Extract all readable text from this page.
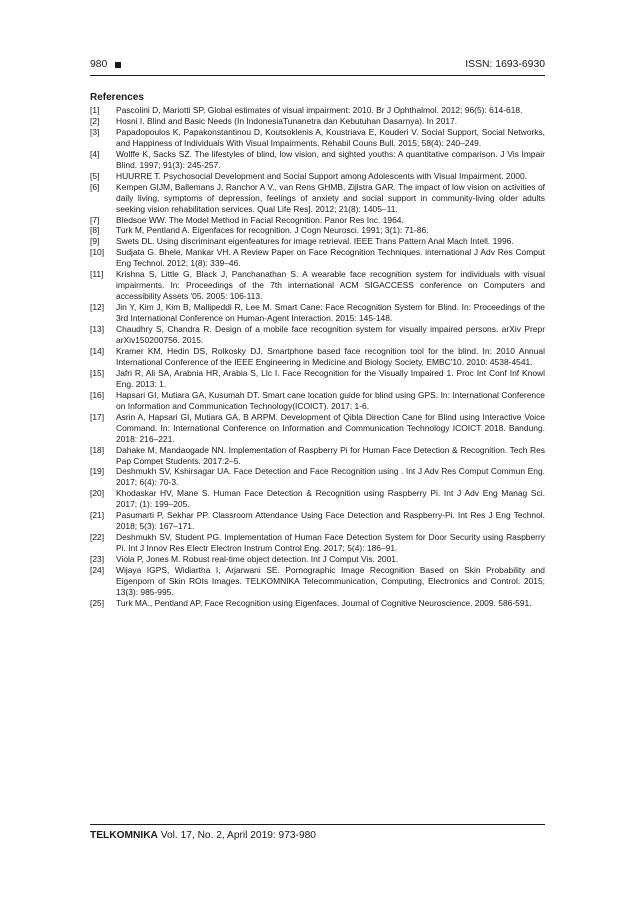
980	ISSN: 1693-6930
References
[1]	Pascolini D, Mariotti SP. Global estimates of visual impairment: 2010. Br J Ophthalmol. 2012; 96(5): 614-618.
[2]	Hosni I. Blind and Basic Needs (In IndonesiaTunanetra dan Kebutuhan Dasarnya). In 2017.
[3]	Papadopoulos K, Papakonstantinou D, Koutsoklenis A, Koustriava E, Kouderi V. Social Support, Social Networks, and Happiness of Individuals With Visual Impairments. Rehabil Couns Bull. 2015; 58(4): 240–249.
[4]	Wolffe K, Sacks SZ. The lifestyles of blind, low vision, and sighted youths: A quantitative comparison. J Vis Impair Blind. 1997; 91(3): 245-257.
[5]	HUURRE T. Psychosocial Development and Social Support among Adolescents with Visual Impairment. 2000.
[6]	Kempen GIJM, Ballemans J, Ranchor A V., van Rens GHMB, Zijlstra GAR. The impact of low vision on activities of daily living, symptoms of depression, feelings of anxiety and social support in community-living older adults seeking vision rehabilitation services. Qual Life Res]. 2012; 21(8): 1405–11.
[7]	Bledsoe WW. The Model Method in Facial Recognition. Panor Res Inc. 1964.
[8]	Turk M, Pentland A. Eigenfaces for recognition. J Cogn Neurosci. 1991; 3(1): 71-86.
[9]	Swets DL. Using discriminant eigenfeatures for image retrieval. IEEE Trans Pattern Anal Mach Intell. 1996.
[10]	Sudjata G. Bhele, Mankar VH. A Review Paper on Face Recognition Techniques. international J Adv Res Comput Eng Technol. 2012; 1(8): 339–46.
[11]	Krishna S, Little G, Black J, Panchanathan S. A wearable face recognition system for individuals with visual impairments. In: Proceedings of the 7th international ACM SIGACCESS conference on Computers and accessibility Assets '05. 2005: 106-113.
[12]	Jin Y, Kim J, Kim B, Mallipeddi R, Lee M. Smart Cane: Face Recognition System for Blind. In: Proceedings of the 3rd International Conference on Human-Agent Interaction. 2015: 145-148.
[13]	Chaudhry S, Chandra R. Design of a mobile face recognition system for visually impaired persons. arXiv Prepr arXiv150200756. 2015.
[14]	Kramer KM, Hedin DS, Rolkosky DJ. Smartphone based face recognition tool for the blind. In: 2010 Annual International Conference of the IEEE Engineering in Medicine and Biology Society, EMBC'10. 2010: 4538-4541.
[15]	Jafri R, Ali SA, Arabnia HR, Arabia S, Llc I. Face Recognition for the Visually Impaired 1. Proc Int Conf Inf Knowl Eng. 2013: 1.
[16]	Hapsari GI, Mutiara GA, Kusumah DT. Smart cane location guide for blind using GPS. In: International Conference on Information and Communication Technology(ICOICT). 2017: 1-6.
[17]	Asrin A, Hapsari GI, Mutiara GA, B ARPM. Development of Qibla Direction Cane for Blind using Interactive Voice Command. In: International Conference on Information and Communication Technology ICOICT 2018. Bandung. 2018: 216–221.
[18]	Dahake M, Mandaogade NN. Implementation of Raspberry Pi for Human Face Detection & Recognition. Tech Res Pap Compet Students. 2017:2–5.
[19]	Deshmukh SV, Kshirsagar UA. Face Detection and Face Recognition using . Int J Adv Res Comput Commun Eng. 2017; 6(4): 70-3.
[20]	Khodaskar HV, Mane S. Human Face Detection & Recognition using Raspberry Pi. Int J Adv Eng Manag Sci. 2017; (1): 199–205.
[21]	Pasumarti P, Sekhar PP. Classroom Attendance Using Face Detection and Raspberry-Pi. Int Res J Eng Technol. 2018; 5(3): 167–171.
[22]	Deshmukh SV, Student PG. Implementation of Human Face Detection System for Door Security using Raspberry Pi. Int J Innov Res Electr Electron Instrum Control Eng. 2017; 5(4): 186–91.
[23]	Viola P, Jones M. Robust real-time object detection. Int J Comput Vis. 2001.
[24]	Wijaya IGPS, Widiartha I, Arjarwani SE. Pornographic Image Recognition Based on Skin Probability and Eigenporn of Skin ROIs Images. TELKOMNIKA Telecommunication, Computing, Electronics and Control. 2015; 13(3): 985-995.
[25]	Turk MA., Pentland AP. Face Recognition using Eigenfaces. Journal of Cognitive Neuroscience. 2009. 586-591.
TELKOMNIKA Vol. 17, No. 2, April 2019: 973-980
